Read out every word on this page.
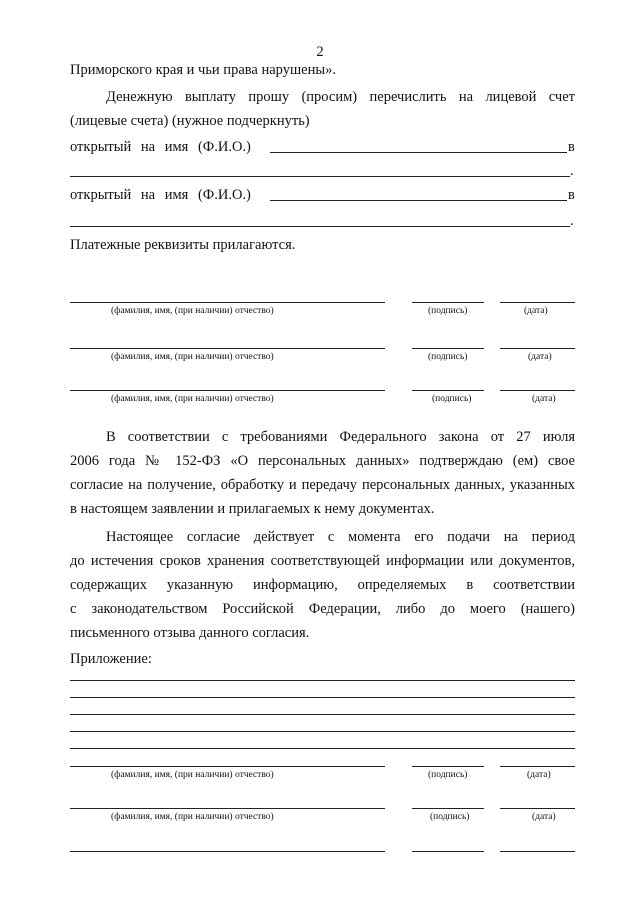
2
Приморского края и чьи права нарушены».
Денежную выплату прошу (просим) перечислить на лицевой счет
(лицевые счета) (нужное подчеркнуть)
открытый на имя (Ф.И.О.)	в
.
открытый на имя (Ф.И.О.)	в
.
Платежные реквизиты прилагаются.
(фамилия, имя, (при наличии) отчество)	(подпись)	(дата)
(фамилия, имя, (при наличии) отчество)	(подпись)	(дата)
(фамилия, имя, (при наличии) отчество)	(подпись)	(дата)
В соответствии с требованиями Федерального закона от 27 июля
2006 года № 152-ФЗ «О персональных данных» подтверждаю (ем) свое
согласие на получение, обработку и передачу персональных данных, указанных
в настоящем заявлении и прилагаемых к нему документах.
Настоящее согласие действует с момента его подачи на период
до истечения сроков хранения соответствующей информации или документов,
содержащих указанную информацию, определяемых в соответствии
с законодательством Российской Федерации, либо до моего (нашего)
письменного отзыва данного согласия.
Приложение:
(фамилия, имя, (при наличии) отчество)	(подпись)	(дата)
(фамилия, имя, (при наличии) отчество)	(подпись)	(дата)
